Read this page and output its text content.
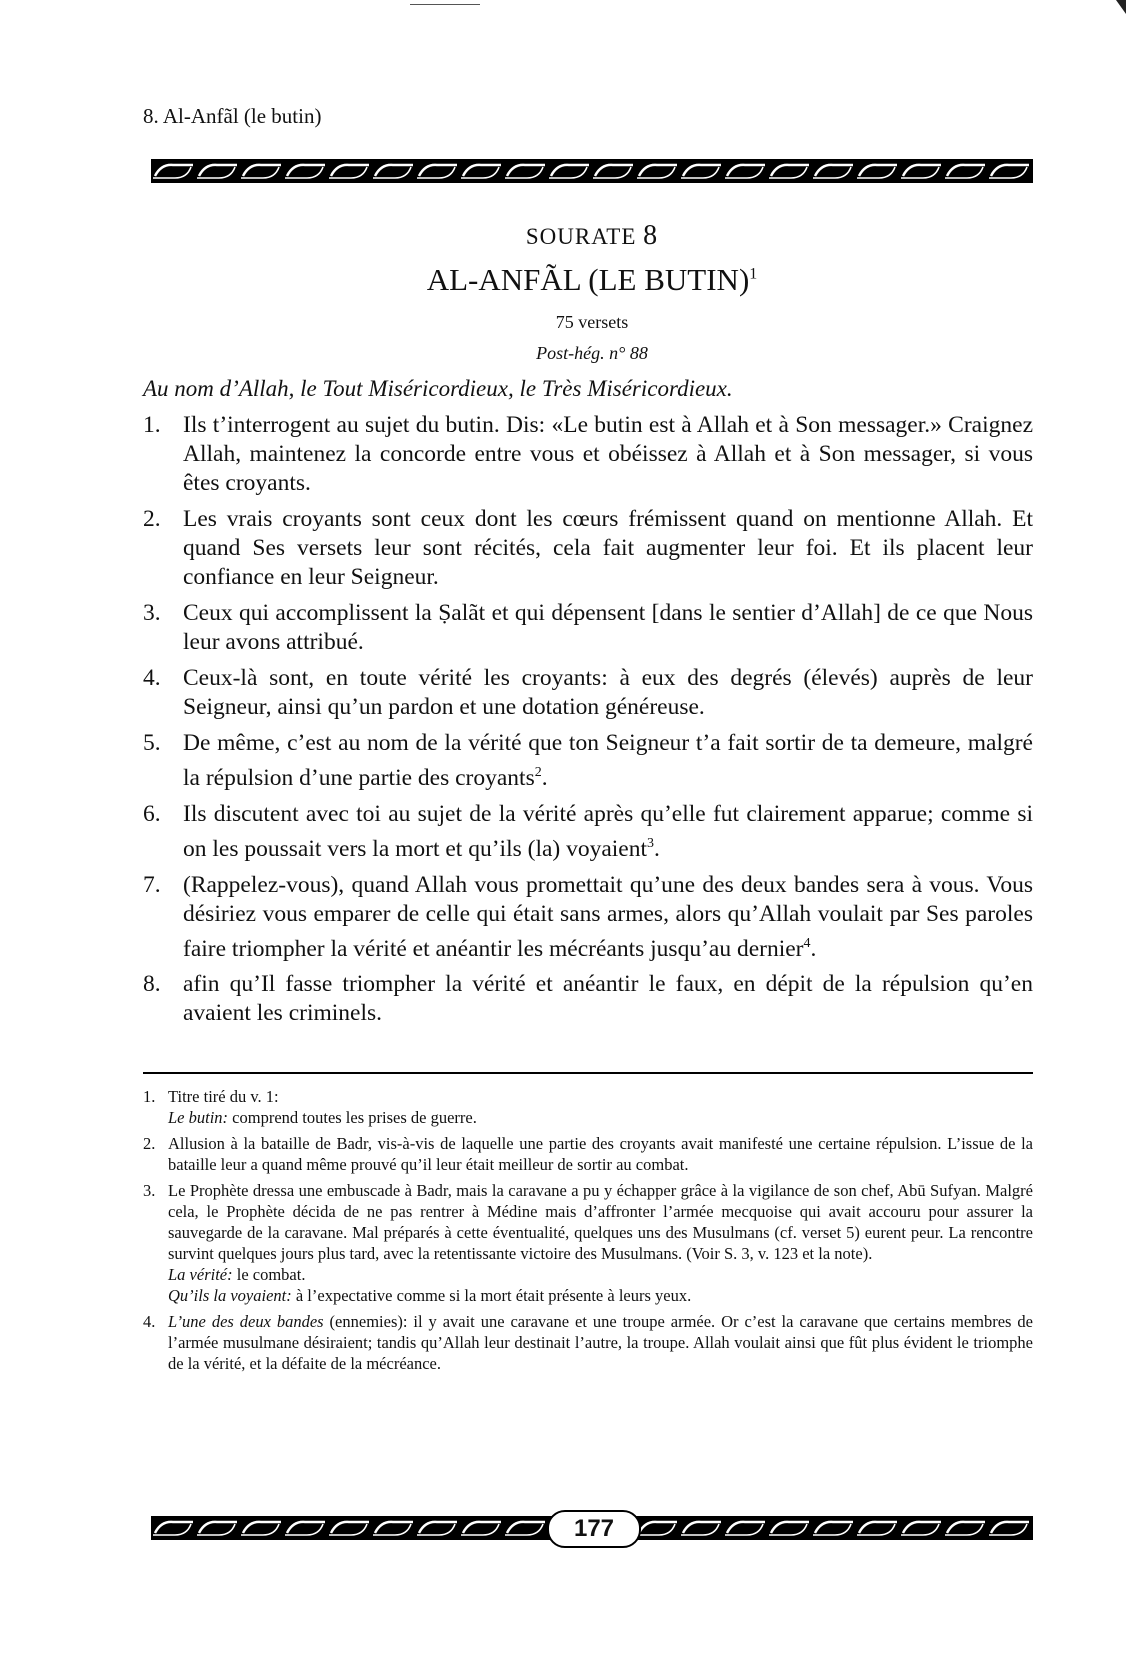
8. Al-Anfãl (le butin)
SOURATE 8
AL-ANFÃL (LE BUTIN)$^1$
75 versets
Post-hég. n° 88
Au nom d’Allah, le Tout Miséricordieux, le Très Miséricordieux.
1. Ils t’interrogent au sujet du butin. Dis: «Le butin est à Allah et à Son messager.» Craignez Allah, maintenez la concorde entre vous et obéissez à Allah et à Son messager, si vous êtes croyants.
2. Les vrais croyants sont ceux dont les cœurs frémissent quand on mentionne Allah. Et quand Ses versets leur sont récités, cela fait augmenter leur foi. Et ils placent leur confiance en leur Seigneur.
3. Ceux qui accomplissent la Ṣalãt et qui dépensent [dans le sentier d’Allah] de ce que Nous leur avons attribué.
4. Ceux-là sont, en toute vérité les croyants: à eux des degrés (élevés) auprès de leur Seigneur, ainsi qu’un pardon et une dotation généreuse.
5. De même, c’est au nom de la vérité que ton Seigneur t’a fait sortir de ta demeure, malgré la répulsion d’une partie des croyants$^2$.
6. Ils discutent avec toi au sujet de la vérité après qu’elle fut clairement apparue; comme si on les poussait vers la mort et qu’ils (la) voyaient$^3$.
7. (Rappelez-vous), quand Allah vous promettait qu’une des deux bandes sera à vous. Vous désiriez vous emparer de celle qui était sans armes, alors qu’Allah voulait par Ses paroles faire triompher la vérité et anéantir les mécréants jusqu’au dernier$^4$.
8. afin qu’Il fasse triompher la vérité et anéantir le faux, en dépit de la répulsion qu’en avaient les criminels.
1. Titre tiré du v. 1:
Le butin: comprend toutes les prises de guerre.
2. Allusion à la bataille de Badr, vis-à-vis de laquelle une partie des croyants avait manifesté une certaine répulsion. L’issue de la bataille leur a quand même prouvé qu’il leur était meilleur de sortir au combat.
3. Le Prophète dressa une embuscade à Badr, mais la caravane a pu y échapper grâce à la vigilance de son chef, Abū Sufyan. Malgré cela, le Prophète décida de ne pas rentrer à Médine mais d’affronter l’armée mecquoise qui avait accouru pour assurer la sauvegarde de la caravane. Mal préparés à cette éventualité, quelques uns des Musulmans (cf. verset 5) eurent peur. La rencontre survint quelques jours plus tard, avec la retentissante victoire des Musulmans. (Voir S. 3, v. 123 et la note).
La vérité: le combat.
Qu’ils la voyaient: à l’expectative comme si la mort était présente à leurs yeux.
4. L’une des deux bandes (ennemies): il y avait une caravane et une troupe armée. Or c’est la caravane que certains membres de l’armée musulmane désiraient; tandis qu’Allah leur destinait l’autre, la troupe. Allah voulait ainsi que fût plus évident le triomphe de la vérité, et la défaite de la mécréance.
177
